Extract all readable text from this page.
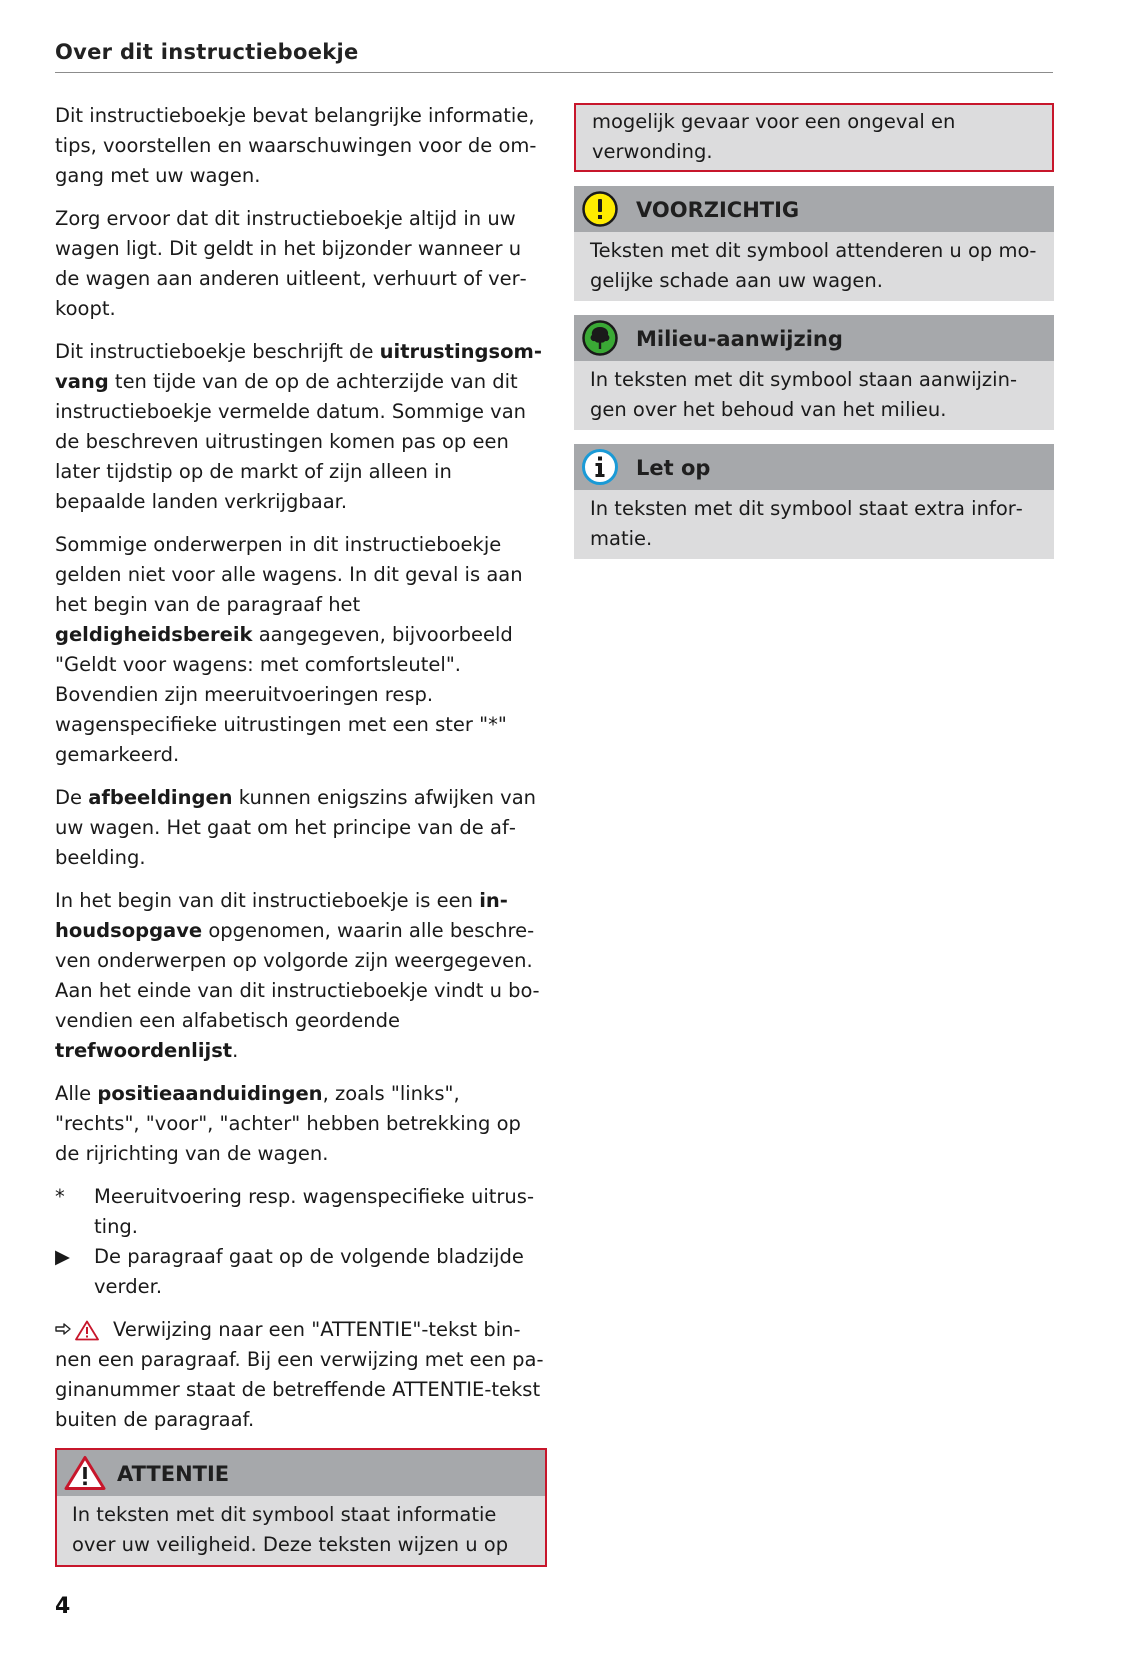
Over dit instructieboekje

Dit instructieboekje bevat belangrijke informatie, tips, voorstellen en waarschuwingen voor de omgang met uw wagen.

Zorg ervoor dat dit instructieboekje altijd in uw wagen ligt. Dit geldt in het bijzonder wanneer u de wagen aan anderen uitleent, verhuurt of verkoopt.

Dit instructieboekje beschrijft de uitrustingsomvang ten tijde van de op de achterzijde van dit instructieboekje vermelde datum. Sommige van de beschreven uitrustingen komen pas op een later tijdstip op de markt of zijn alleen in bepaalde landen verkrijgbaar.

Sommige onderwerpen in dit instructieboekje gelden niet voor alle wagens. In dit geval is aan het begin van de paragraaf het geldigheidsbereik aangegeven, bijvoorbeeld "Geldt voor wagens: met comfortsleutel". Bovendien zijn meeruitvoeringen resp. wagenspecifieke uitrustingen met een ster "*" gemarkeerd.

De afbeeldingen kunnen enigszins afwijken van uw wagen. Het gaat om het principe van de afbeelding.

In het begin van dit instructieboekje is een inhoudsopgave opgenomen, waarin alle beschreven onderwerpen op volgorde zijn weergegeven. Aan het einde van dit instructieboekje vindt u bovendien een alfabetisch geordende trefwoordenlijst.

Alle positieaanduidingen, zoals "links", "rechts", "voor", "achter" hebben betrekking op de rijrichting van de wagen.

*	Meeruitvoering resp. wagenspecifieke uitrusting.
▶	De paragraaf gaat op de volgende bladzijde verder.

Verwijzing naar een "ATTENTIE"-tekst binnen een paragraaf. Bij een verwijzing met een paginanummer staat de betreffende ATTENTIE-tekst buiten de paragraaf.

ATTENTIE
In teksten met dit symbool staat informatie over uw veiligheid. Deze teksten wijzen u op
mogelijk gevaar voor een ongeval en verwonding.
VOORZICHTIG
Teksten met dit symbool attenderen u op mogelijke schade aan uw wagen.
Milieu-aanwijzing
In teksten met dit symbool staan aanwijzingen over het behoud van het milieu.
Let op
In teksten met dit symbool staat extra informatie.
4
